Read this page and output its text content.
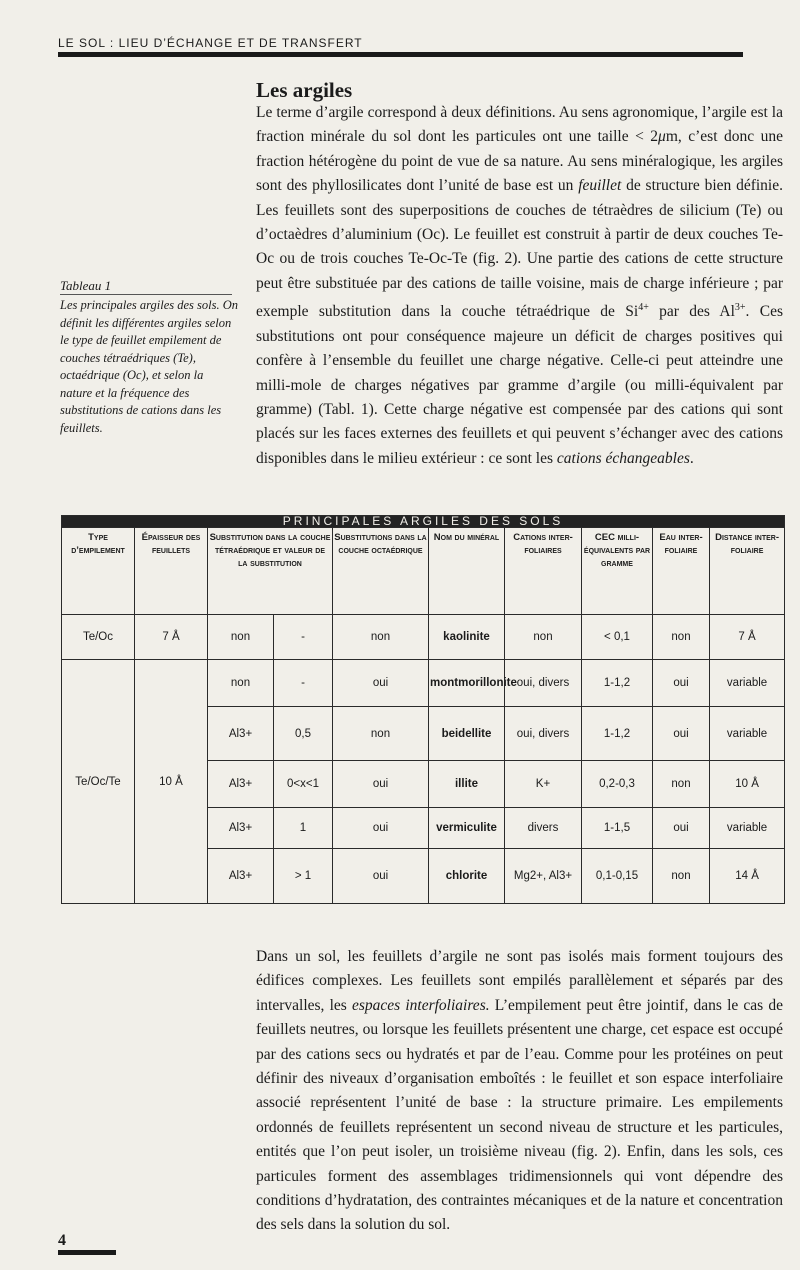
LE SOL : LIEU D’ÉCHANGE ET DE TRANSFERT
Les argiles

Le terme d’argile correspond à deux définitions. Au sens agronomique, l’argile est la fraction minérale du sol dont les particules ont une taille < 2μm, c’est donc une fraction hétérogène du point de vue de sa nature. Au sens minéralogique, les argiles sont des phyllosilicates dont l’unité de base est un feuillet de structure bien définie. Les feuillets sont des superpositions de couches de tétraèdres de silicium (Te) ou d’octaèdres d’aluminium (Oc). Le feuillet est construit à partir de deux couches Te-Oc ou de trois couches Te-Oc-Te (fig. 2). Une partie des cations de cette structure peut être substituée par des cations de taille voisine, mais de charge inférieure ; par exemple substitution dans la couche tétraédrique de $Si^{4+}$ par des $Al^{3+}$. Ces substitutions ont pour conséquence majeure un déficit de charges positives qui confère à l’ensemble du feuillet une charge négative. Celle-ci peut atteindre une milli-mole de charges négatives par gramme d’argile (ou milli-équivalent par gramme) (Tabl. 1). Cette charge négative est compensée par des cations qui sont placés sur les faces externes des feuillets et qui peuvent s’échanger avec des cations disponibles dans le milieu extérieur : ce sont les cations échangeables.

Tableau 1

Les principales argiles des sols. On définit les différentes argiles selon le type de feuillet empilement de couches tétraédriques (Te), octaédrique (Oc), et selon la nature et la fréquence des substitutions de cations dans les feuillets.

PRINCIPALES ARGILES DES SOLS									
Type d’empilement	Épaisseur des feuillets	Substitution dans la couche tétraédrique et valeur de la substitution		Substitutions dans la couche octaédrique	Nom du minéral	Cations inter-foliaires	CEC milli-équivalents par gramme	Eau inter-foliaire	Distance inter-foliaire
Te/Oc	7 Å	non	-	non	kaolinite	non	< 0,1	non	7 Å
Te/Oc/Te	10 Å	non	-	oui	montmorillonite	oui, divers	1-1,2	oui	variable
		Al3+	0,5	non	beidellite	oui, divers	1-1,2	oui	variable
		Al3+	0<x<1	oui	illite	K+	0,2-0,3	non	10 Å
		Al3+	1	oui	vermiculite	divers	1-1,5	oui	variable
		Al3+	> 1	oui	chlorite	Mg2+, Al3+	0,1-0,15	non	14 Å

Dans un sol, les feuillets d’argile ne sont pas isolés mais forment toujours des édifices complexes. Les feuillets sont empilés parallèlement et séparés par des intervalles, les espaces interfoliaires. L’empilement peut être jointif, dans le cas de feuillets neutres, ou lorsque les feuillets présentent une charge, cet espace est occupé par des cations secs ou hydratés et par de l’eau. Comme pour les protéines on peut définir des niveaux d’organisation emboîtés : le feuillet et son espace interfoliaire associé représentent l’unité de base : la structure primaire. Les empilements ordonnés de feuillets représentent un second niveau de structure et les particules, entités que l’on peut isoler, un troisième niveau (fig. 2). Enfin, dans les sols, ces particules forment des assemblages tridimensionnels qui vont dépendre des conditions d’hydratation, des contraintes mécaniques et de la nature et concentration des sels dans la solution du sol.

4
